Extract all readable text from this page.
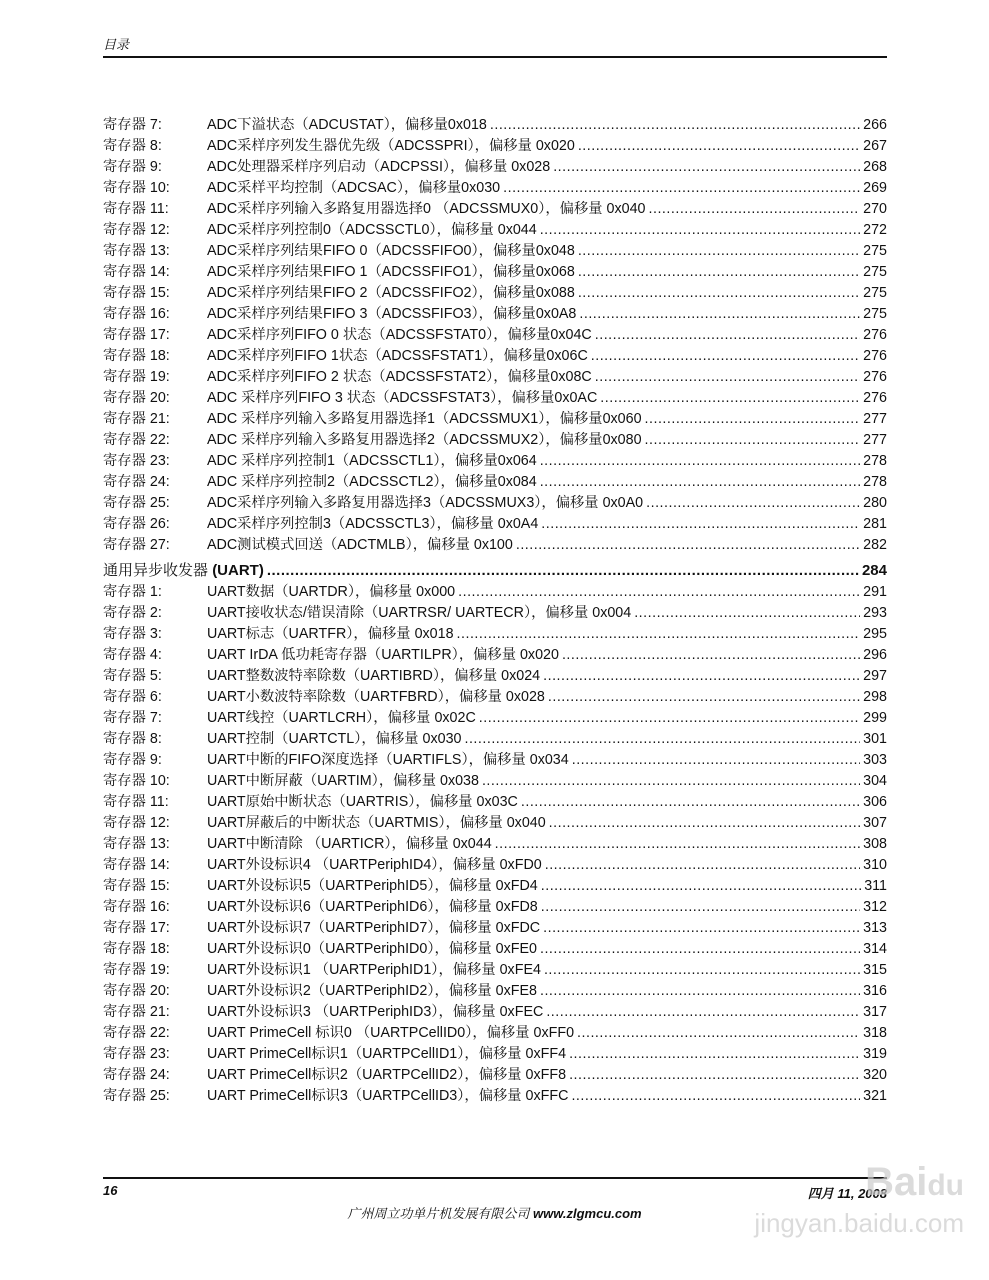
目录
寄存器 7:	ADC下溢状态（ADCUSTAT），偏移量0x018 .....	266
寄存器 8:	ADC采样序列发生器优先级（ADCSSPRI），偏移量 0x020 .....	267
寄存器 9:	ADC处理器采样序列启动（ADCPSSI），偏移量 0x028 .....	268
寄存器 10:	ADC采样平均控制（ADCSAC），偏移量0x030 .....	269
寄存器 11:	ADC采样序列输入多路复用器选择0 （ADCSSMUX0），偏移量 0x040 .....	270
寄存器 12:	ADC采样序列控制0（ADCSSCTL0），偏移量 0x044 .....	272
寄存器 13:	ADC采样序列结果FIFO 0（ADCSSFIFO0），偏移量0x048 .....	275
寄存器 14:	ADC采样序列结果FIFO 1（ADCSSFIFO1），偏移量0x068 .....	275
寄存器 15:	ADC采样序列结果FIFO 2（ADCSSFIFO2），偏移量0x088 .....	275
寄存器 16:	ADC采样序列结果FIFO 3（ADCSSFIFO3），偏移量0x0A8 .....	275
寄存器 17:	ADC采样序列FIFO 0 状态（ADCSSFSTAT0），偏移量0x04C .....	276
寄存器 18:	ADC采样序列FIFO 1状态（ADCSSFSTAT1），偏移量0x06C .....	276
寄存器 19:	ADC采样序列FIFO 2 状态（ADCSSFSTAT2），偏移量0x08C .....	276
寄存器 20:	ADC 采样序列FIFO 3 状态（ADCSSFSTAT3），偏移量0x0AC .....	276
寄存器 21:	ADC 采样序列输入多路复用器选择1（ADCSSMUX1），偏移量0x060 .....	277
寄存器 22:	ADC 采样序列输入多路复用器选择2（ADCSSMUX2），偏移量0x080 .....	277
寄存器 23:	ADC 采样序列控制1（ADCSSCTL1），偏移量0x064 .....	278
寄存器 24:	ADC 采样序列控制2（ADCSSCTL2），偏移量0x084 .....	278
寄存器 25:	ADC采样序列输入多路复用器选择3（ADCSSMUX3），偏移量 0x0A0 .....	280
寄存器 26:	ADC采样序列控制3（ADCSSCTL3），偏移量 0x0A4 .....	281
寄存器 27:	ADC测试模式回送（ADCTMLB），偏移量 0x100 .....	282
通用异步收发器 (UART) .....	284
寄存器 1:	UART数据（UARTDR），偏移量 0x000 .....	291
寄存器 2:	UART接收状态/错误清除（UARTRSR/ UARTECR），偏移量 0x004 .....	293
寄存器 3:	UART标志（UARTFR），偏移量 0x018 .....	295
寄存器 4:	UART IrDA 低功耗寄存器（UARTILPR），偏移量 0x020 .....	296
寄存器 5:	UART整数波特率除数（UARTIBRD），偏移量 0x024 .....	297
寄存器 6:	UART小数波特率除数（UARTFBRD），偏移量 0x028 .....	298
寄存器 7:	UART线控（UARTLCRH），偏移量 0x02C .....	299
寄存器 8:	UART控制（UARTCTL），偏移量 0x030 .....	301
寄存器 9:	UART中断的FIFO深度选择（UARTIFLS），偏移量 0x034 .....	303
寄存器 10:	UART中断屏蔽（UARTIM），偏移量 0x038 .....	304
寄存器 11:	UART原始中断状态（UARTRIS），偏移量 0x03C .....	306
寄存器 12:	UART屏蔽后的中断状态（UARTMIS），偏移量 0x040 .....	307
寄存器 13:	UART中断清除 （UARTICR），偏移量 0x044 .....	308
寄存器 14:	UART外设标识4 （UARTPeriphID4），偏移量 0xFD0 .....	310
寄存器 15:	UART外设标识5（UARTPeriphID5），偏移量 0xFD4 .....	311
寄存器 16:	UART外设标识6（UARTPeriphID6），偏移量 0xFD8 .....	312
寄存器 17:	UART外设标识7（UARTPeriphID7），偏移量 0xFDC .....	313
寄存器 18:	UART外设标识0（UARTPeriphID0），偏移量 0xFE0 .....	314
寄存器 19:	UART外设标识1 （UARTPeriphID1），偏移量 0xFE4 .....	315
寄存器 20:	UART外设标识2（UARTPeriphID2），偏移量 0xFE8 .....	316
寄存器 21:	UART外设标识3 （UARTPeriphID3），偏移量 0xFEC .....	317
寄存器 22:	UART PrimeCell 标识0 （UARTPCellID0），偏移量 0xFF0 .....	318
寄存器 23:	UART PrimeCell标识1（UARTPCellID1），偏移量 0xFF4 .....	319
寄存器 24:	UART PrimeCell标识2（UARTPCellID2），偏移量 0xFF8 .....	320
寄存器 25:	UART PrimeCell标识3（UARTPCellID3），偏移量 0xFFC .....	321
16	四月 11, 2008
广州周立功单片机发展有限公司 www.zlgmcu.com
Baidu
jingyan.baidu.com
